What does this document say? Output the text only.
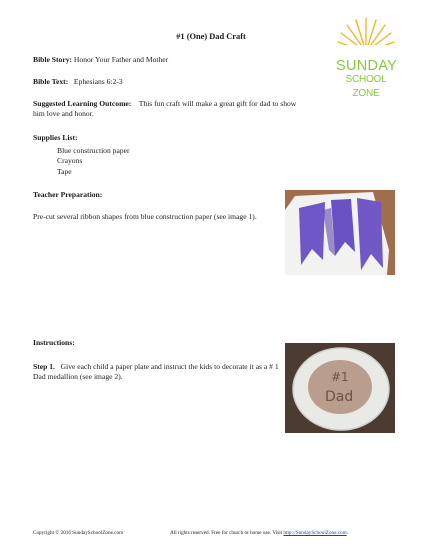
#1 (One) Dad Craft
SUNDAY
SCHOOL ZONE
Bible Story: Honor Your Father and Mother
Bible Text:   Ephesians 6:2-3
Suggested Learning Outcome:    This fun craft will make a great gift for dad to show him love and honor.
Supplies List:
Blue construction paper
Crayons
Tape
Teacher Preparation:
Pre-cut several ribbon shapes from blue construction paper (see image 1).
Instructions:
Step 1.   Give each child a paper plate and instruct the kids to decorate it as a # 1 Dad medallion (see image 2).	#1
Dad
Copyright © 2016 SundaySchoolZone.com	All rights reserved. Free for church or home use. Visit http://SundaySchoolZone.com.
